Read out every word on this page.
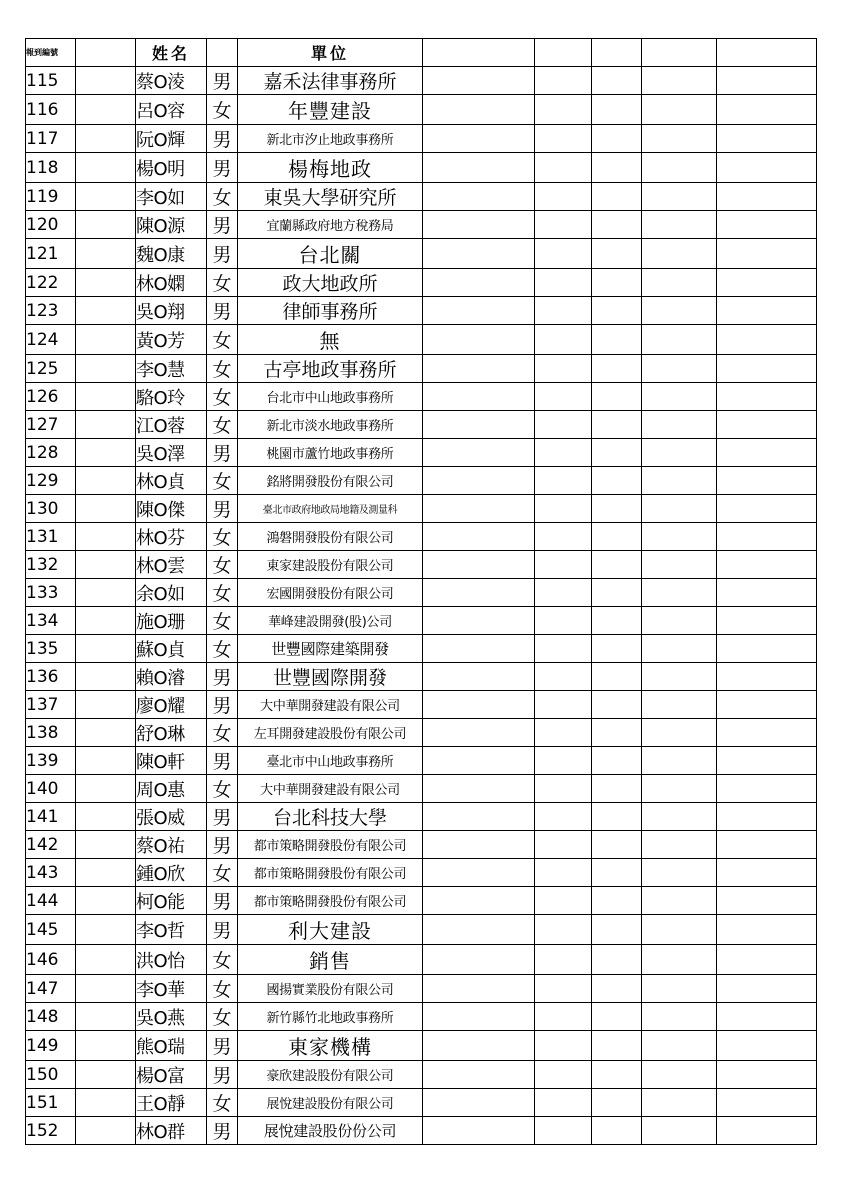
報到編號		姓名		單位					
115		蔡O淩	男	嘉禾法律事務所					
116		呂O容	女	年豐建設					
117		阮O輝	男	新北市汐止地政事務所					
118		楊O明	男	楊梅地政					
119		李O如	女	東吳大學研究所					
120		陳O源	男	宜蘭縣政府地方稅務局					
121		魏O康	男	台北關					
122		林O嫻	女	政大地政所					
123		吳O翔	男	律師事務所					
124		黃O芳	女	無					
125		李O慧	女	古亭地政事務所					
126		駱O玲	女	台北市中山地政事務所					
127		江O蓉	女	新北市淡水地政事務所					
128		吳O澤	男	桃園市蘆竹地政事務所					
129		林O貞	女	銘將開發股份有限公司					
130		陳O傑	男	臺北市政府地政局地籍及測量科					
131		林O芬	女	鴻磐開發股份有限公司					
132		林O雲	女	東家建設股份有限公司					
133		余O如	女	宏國開發股份有限公司					
134		施O珊	女	華峰建設開發(股)公司					
135		蘇O貞	女	世豐國際建築開發					
136		賴O濬	男	世豐國際開發					
137		廖O耀	男	大中華開發建設有限公司					
138		舒O琳	女	左耳開發建設股份有限公司					
139		陳O軒	男	臺北市中山地政事務所					
140		周O惠	女	大中華開發建設有限公司					
141		張O威	男	台北科技大學					
142		蔡O祐	男	都市策略開發股份有限公司					
143		鍾O欣	女	都市策略開發股份有限公司					
144		柯O能	男	都市策略開發股份有限公司					
145		李O哲	男	利大建設					
146		洪O怡	女	銷售					
147		李O華	女	國揚實業股份有限公司					
148		吳O燕	女	新竹縣竹北地政事務所					
149		熊O瑞	男	東家機構					
150		楊O富	男	豪欣建設股份有限公司					
151		王O靜	女	展悅建設股份有限公司					
152		林O群	男	展悅建設股份份公司					
